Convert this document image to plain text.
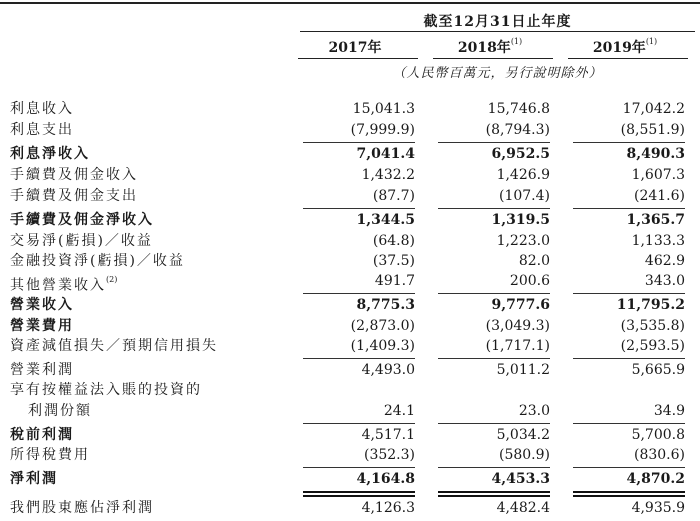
截至12月31日止年度
2017年	2018年$^{(1)}$	2019年$^{(1)}$
（人民幣百萬元，另行說明除外）
利息收入	15,041.3	15,746.8	17,042.2
利息支出	(7,999.9)	(8,794.3)	(8,551.9)
利息淨收入	7,041.4	6,952.5	8,490.3
手續費及佣金收入	1,432.2	1,426.9	1,607.3
手續費及佣金支出	(87.7)	(107.4)	(241.6)
手續費及佣金淨收入	1,344.5	1,319.5	1,365.7
交易淨(虧損)／收益	(64.8)	1,223.0	1,133.3
金融投資淨(虧損)／收益	(37.5)	82.0	462.9
其他營業收入$^{(2)}$	491.7	200.6	343.0
營業收入	8,775.3	9,777.6	11,795.2
營業費用	(2,873.0)	(3,049.3)	(3,535.8)
資產減值損失／預期信用損失	(1,409.3)	(1,717.1)	(2,593.5)
營業利潤	4,493.0	5,011.2	5,665.9
享有按權益法入賬的投資的
利潤份額	24.1	23.0	34.9
稅前利潤	4,517.1	5,034.2	5,700.8
所得稅費用	(352.3)	(580.9)	(830.6)
淨利潤	4,164.8	4,453.3	4,870.2
我們股東應佔淨利潤	4,126.3	4,482.4	4,935.9
